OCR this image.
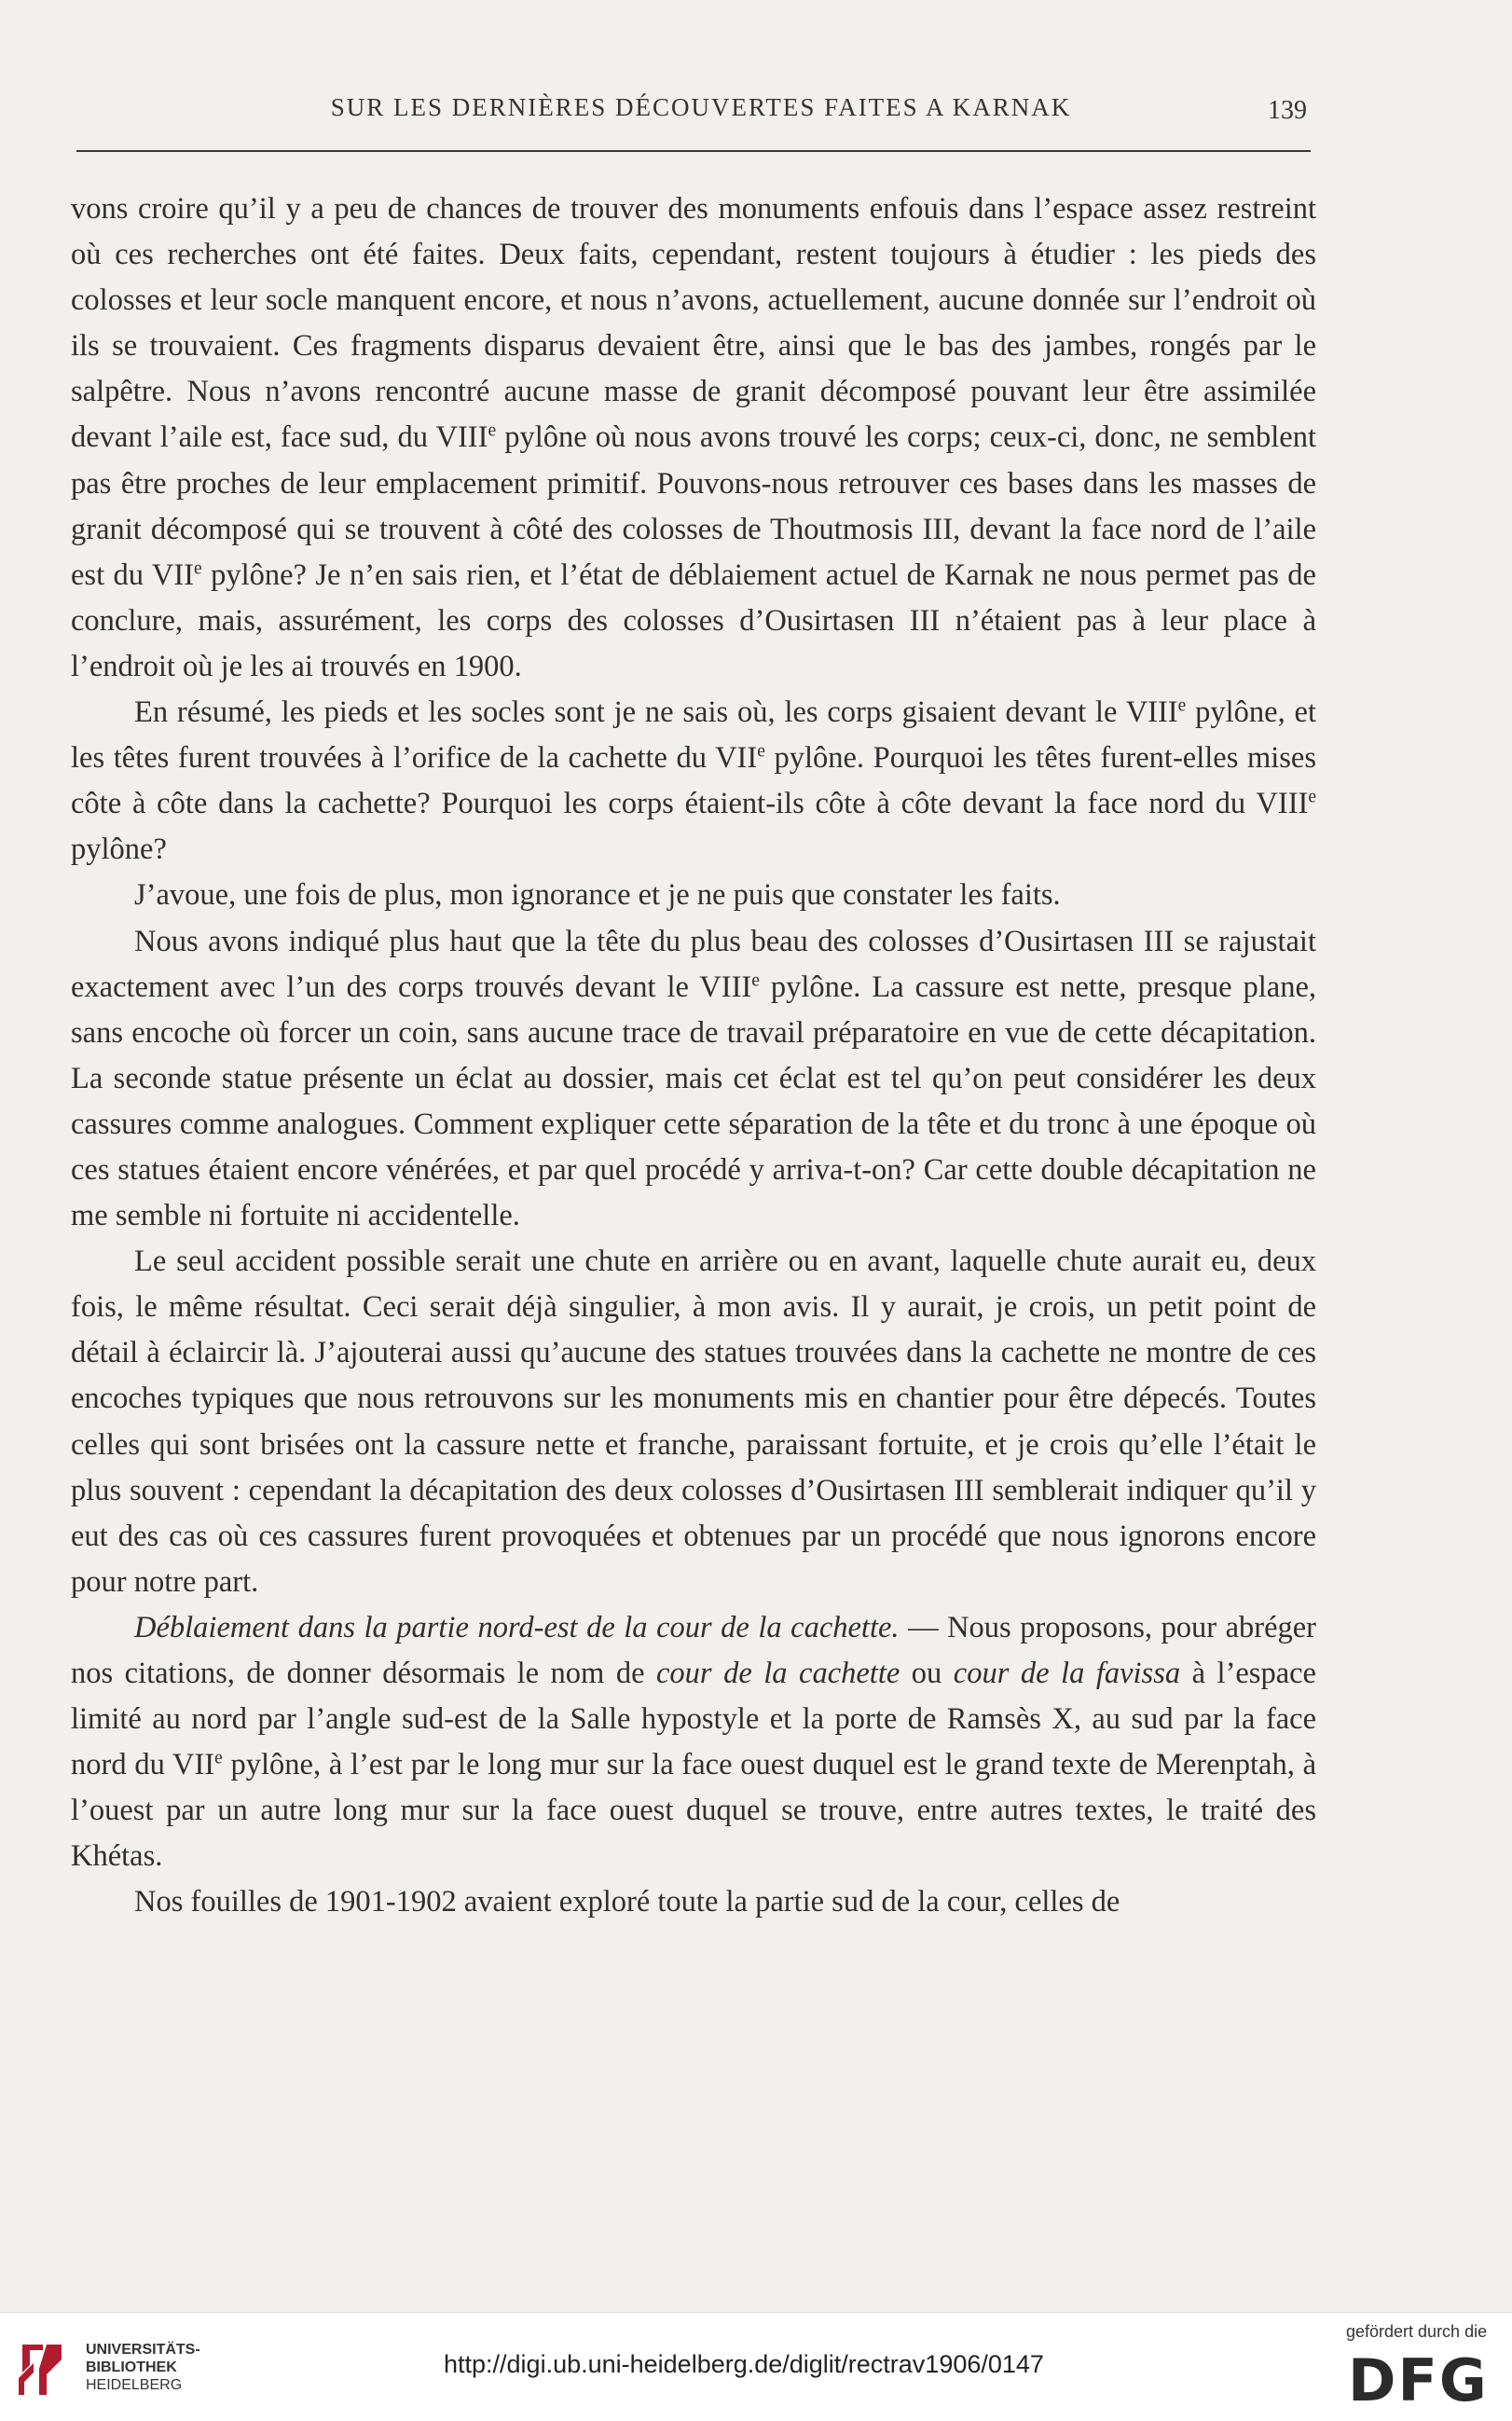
SUR LES DERNIÈRES DÉCOUVERTES FAITES A KARNAK	139

vons croire qu’il y a peu de chances de trouver des monuments enfouis dans l’espace assez restreint où ces recherches ont été faites. Deux faits, cependant, restent toujours à étudier : les pieds des colosses et leur socle manquent encore, et nous n’avons, actuellement, aucune donnée sur l’endroit où ils se trouvaient. Ces fragments disparus devaient être, ainsi que le bas des jambes, rongés par le salpêtre. Nous n’avons rencontré aucune masse de granit décomposé pouvant leur être assimilée devant l’aile est, face sud, du VIIIe pylône où nous avons trouvé les corps; ceux-ci, donc, ne semblent pas être proches de leur emplacement primitif. Pouvons-nous retrouver ces bases dans les masses de granit décomposé qui se trouvent à côté des colosses de Thoutmosis III, devant la face nord de l’aile est du VIIe pylône? Je n’en sais rien, et l’état de déblaiement actuel de Karnak ne nous permet pas de conclure, mais, assurément, les corps des colosses d’Ousirtasen III n’étaient pas à leur place à l’endroit où je les ai trouvés en 1900.

En résumé, les pieds et les socles sont je ne sais où, les corps gisaient devant le VIIIe pylône, et les têtes furent trouvées à l’orifice de la cachette du VIIe pylône. Pourquoi les têtes furent-elles mises côte à côte dans la cachette? Pourquoi les corps étaient-ils côte à côte devant la face nord du VIIIe pylône?

J’avoue, une fois de plus, mon ignorance et je ne puis que constater les faits.

Nous avons indiqué plus haut que la tête du plus beau des colosses d’Ousirtasen III se rajustait exactement avec l’un des corps trouvés devant le VIIIe pylône. La cassure est nette, presque plane, sans encoche où forcer un coin, sans aucune trace de travail préparatoire en vue de cette décapitation. La seconde statue présente un éclat au dossier, mais cet éclat est tel qu’on peut considérer les deux cassures comme analogues. Comment expliquer cette séparation de la tête et du tronc à une époque où ces statues étaient encore vénérées, et par quel procédé y arriva-t-on? Car cette double décapitation ne me semble ni fortuite ni accidentelle.

Le seul accident possible serait une chute en arrière ou en avant, laquelle chute aurait eu, deux fois, le même résultat. Ceci serait déjà singulier, à mon avis. Il y aurait, je crois, un petit point de détail à éclaircir là. J’ajouterai aussi qu’aucune des statues trouvées dans la cachette ne montre de ces encoches typiques que nous retrouvons sur les monuments mis en chantier pour être dépecés. Toutes celles qui sont brisées ont la cassure nette et franche, paraissant fortuite, et je crois qu’elle l’était le plus souvent : cependant la décapitation des deux colosses d’Ousirtasen III semblerait indiquer qu’il y eut des cas où ces cassures furent provoquées et obtenues par un procédé que nous ignorons encore pour notre part.

Déblaiement dans la partie nord-est de la cour de la cachette. — Nous proposons, pour abréger nos citations, de donner désormais le nom de cour de la cachette ou cour de la favissa à l’espace limité au nord par l’angle sud-est de la Salle hypostyle et la porte de Ramsès X, au sud par la face nord du VIIe pylône, à l’est par le long mur sur la face ouest duquel est le grand texte de Merenptah, à l’ouest par un autre long mur sur la face ouest duquel se trouve, entre autres textes, le traité des Khétas.

Nos fouilles de 1901-1902 avaient exploré toute la partie sud de la cour, celles de

UNIVERSITÄTS-
BIBLIOTHEK
HEIDELBERG
http://digi.ub.uni-heidelberg.de/diglit/rectrav1906/0147
gefördert durch die
DFG
